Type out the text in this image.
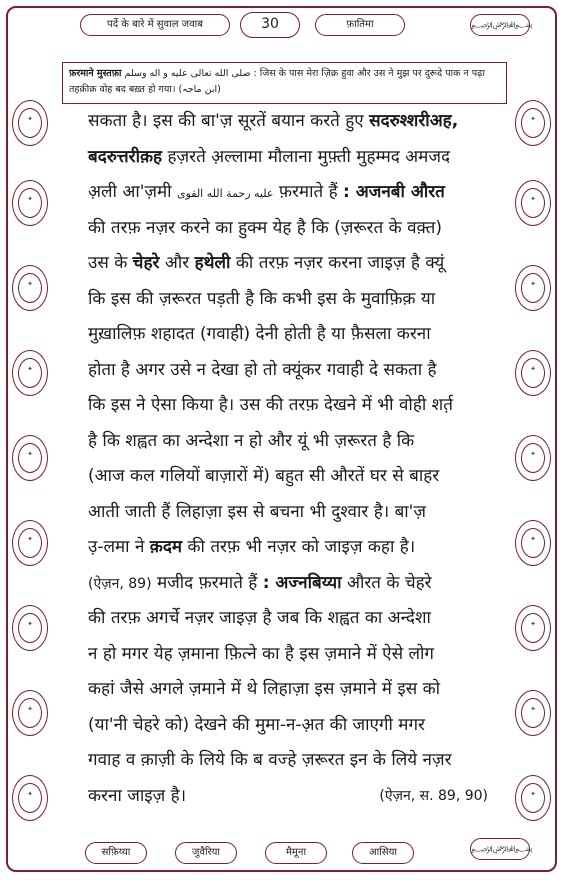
पर्दे के बारे में सुवाल जवाब	30	फ़ातिमा	﷽
फ़रमाने मुस्तफ़ा صلى الله تعالى عليه و اله وسلم : जिस के पास मेरा ज़िक्र हुवा और उस ने मुझ पर दुरूदे पाक न पढ़ा
तहक़ीक़ वोह बद बख़्त हो गया। (ابن ماجہ)
✦
✦
✦
✦
✦
✦
✦
✦
✦
✦
✦
✦
✦
✦
✦
✦
✦
✦
सकता है। इस की बा'ज़ सूरतें बयान करते हुए सदरुश्शरीअह,
बदरुत्तरीक़ह हज़रते अ़ल्लामा मौलाना मुफ़्ती मुहम्मद अमजद
अ़ली आ'ज़मी عليه رحمة الله القوى फ़रमाते हैं : अजनबी औरत
की तरफ़ नज़र करने का हुक्म येह है कि (ज़रूरत के वक़्त)
उस के चेहरे और हथेली की तरफ़ नज़र करना जाइज़ है क्यूं
कि इस की ज़रूरत पड़ती है कि कभी इस के मुवाफ़िक़ या
मुख़ालिफ़ शहादत (गवाही) देनी होती है या फ़ैसला करना
होता है अगर उसे न देखा हो तो क्यूंकर गवाही दे सकता है
कि इस ने ऐसा किया है। उस की तरफ़ देखने में भी वोही शर्त़
है कि शह्वत का अन्देशा न हो और यूं भी ज़रूरत है कि
(आज कल गलियों बाज़ारों में) बहुत सी औरतें घर से बाहर
आती जाती हैं लिहाज़ा इस से बचना भी दुश्वार है। बा'ज़
उ़-लमा ने क़दम की तरफ़ भी नज़र को जाइज़ कहा है।
(ऐज़न, 89) मजीद फ़रमाते हैं : अज्नबिय्या औरत के चेहरे
की तरफ़ अगर्चे नज़र जाइज़ है जब कि शह्वत का अन्देशा
न हो मगर येह ज़माना फ़ित्ने का है इस ज़माने में ऐसे लोग
कहां जैसे अगले ज़माने में थे लिहाज़ा इस ज़माने में इस को
(या'नी चेहरे को) देखने की मुमा-न-अ़त की जाएगी मगर
गवाह व क़ाज़ी के लिये कि ब वज्हे ज़रूरत इन के लिये नज़र
करना जाइज़ है।	(ऐज़न, स. 89, 90)
सफ़िय्या	जुवैरिया	मैमूना	आसिया	﷽
